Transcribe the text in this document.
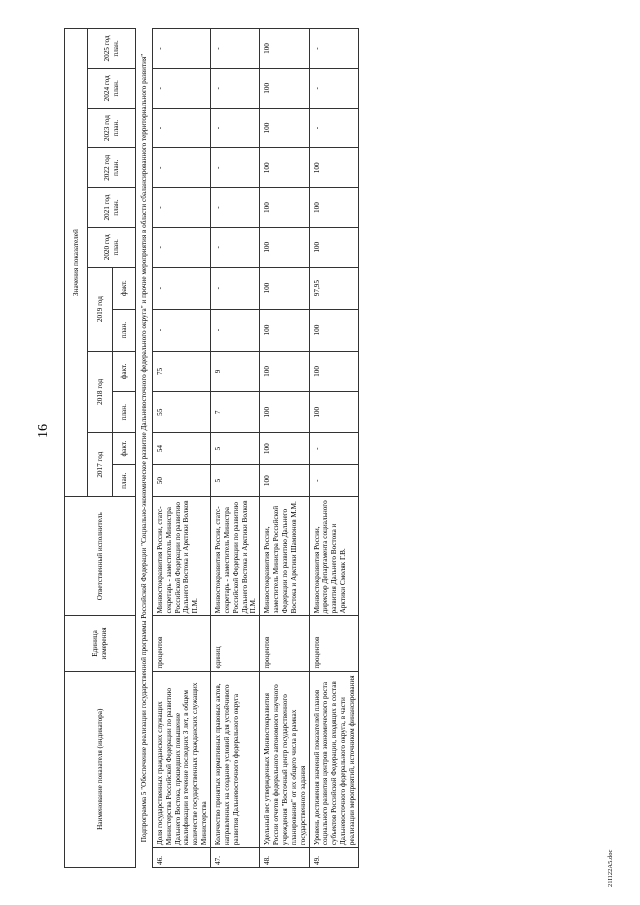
16
21I122A5.doc
Наименование показателя (индикатора)		Единица измерения	Ответственный исполнитель	Значения показателей											
				2017 год		2018 год		2019 год		2020 год план.	2021 год план.	2022 год план.	2023 год план.	2024 год план.	2025 год план.
				план.	факт.	план.	факт.	план.	факт.						
Подпрограмма 5 "Обеспечение реализации государственной программы Российской Федерации "Социально-экономическое развитие Дальневосточного федерального округа" и прочие мероприятия в области сбалансированного территориального развития"															
46.	Доля государственных гражданских служащих Министерства Российской Федерации по развитию Дальнего Востока, прошедших повышение квалификации в течение последних 3 лет, в общем количестве государственных гражданских служащих Министерства	процентов	Минвостокразвития России, статс-секретарь - заместитель Министра Российской Федерации по развитию Дальнего Востока и Арктики Волков П.М.	50	54	55	75	-	-	-	-	-	-	-	-
47.	Количество принятых нормативных правовых актов, направленных на создание условий для устойчивого развития Дальневосточного федерального округа	единиц	Минвостокразвития России, статс-секретарь - заместитель Министра Российской Федерации по развитию Дальнего Востока и Арктики Волков П.М.	5	5	7	9	-	-	-	-	-	-	-	-
48.	Удельный вес утвержденных Минвостокразвития России отчетов федерального автономного научного учреждения "Восточный центр государственного планирования" от их общего числа в рамках государственного задания	процентов	Минвостокразвития России, заместитель Министра Российской Федерации по развитию Дальнего Востока и Арктики Шамионов М.М.	100	100	100	100	100	100	100	100	100	100	100	100
49.	Уровень достижения значений показателей планов социального развития центров экономического роста субъектов Российской Федерации, входящих в состав Дальневосточного федерального округа, в части реализации мероприятий, источником финансирования	процентов	Минвостокразвития России, директор Департамента социального развития Дальнего Востока и Арктики Смоляк Г.В.	-	-	100	100	100	97,95	100	100	100	-	-	-
